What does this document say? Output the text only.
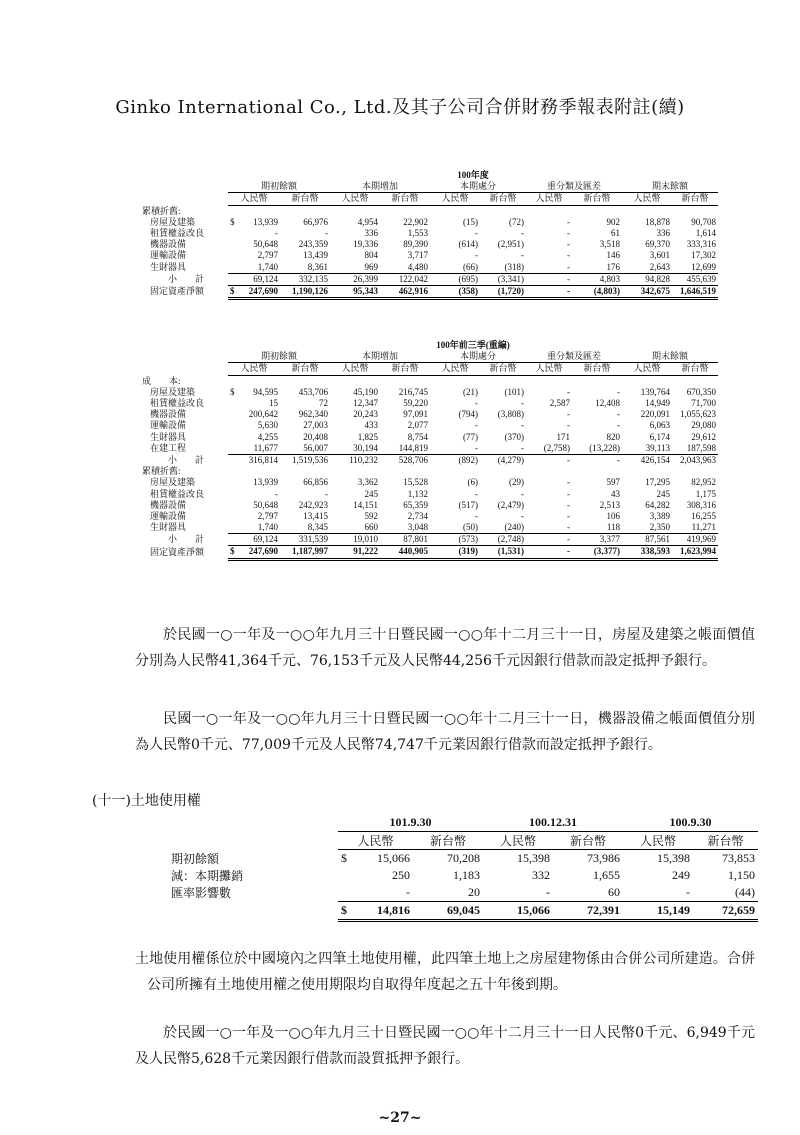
Ginko International Co., Ltd.及其子公司合併財務季報表附註(續)
	100年度									
	期初餘額		本期增加		本期處分		重分類及匯差		期末餘額	
	人民幣	新台幣	人民幣	新台幣	人民幣	新台幣	人民幣	新台幣	人民幣	新台幣
累積折舊:										
房屋及建築	$ 13,939	66,976	4,954	22,902	(15)	(72)	-	902	18,878	90,708
租賃權益改良	-	-	336	1,553	-	-	-	61	336	1,614
機器設備	50,648	243,359	19,336	89,390	(614)	(2,951)	-	3,518	69,370	333,316
運輸設備	2,797	13,439	804	3,717	-	-	-	146	3,601	17,302
生財器具	1,740	8,361	969	4,480	(66)	(318)	-	176	2,643	12,699
小　　計	69,124	332,135	26,399	122,042	(695)	(3,341)	-	4,803	94,828	455,639
固定資產淨額	$ 247,690	1,190,126	95,343	462,916	(358)	(1,720)	-	(4,803)	342,675	1,646,519
	100年前三季(重編)									
	期初餘額		本期增加		本期處分		重分類及匯差		期末餘額	
	人民幣	新台幣	人民幣	新台幣	人民幣	新台幣	人民幣	新台幣	人民幣	新台幣
成　　本:										
房屋及建築	$ 94,595	453,706	45,190	216,745	(21)	(101)	-	-	139,764	670,350
租賃權益改良	15	72	12,347	59,220	-	-	2,587	12,408	14,949	71,700
機器設備	200,642	962,340	20,243	97,091	(794)	(3,808)	-	-	220,091	1,055,623
運輸設備	5,630	27,003	433	2,077	-	-	-	-	6,063	29,080
生財器具	4,255	20,408	1,825	8,754	(77)	(370)	171	820	6,174	29,612
在建工程	11,677	56,007	30,194	144,819	-	-	(2,758)	(13,228)	39,113	187,598
小　　計	316,814	1,519,536	110,232	528,706	(892)	(4,279)	-	-	426,154	2,043,963
累積折舊:										
房屋及建築	13,939	66,856	3,362	15,528	(6)	(29)	-	597	17,295	82,952
租賃權益改良	-	-	245	1,132	-	-	-	43	245	1,175
機器設備	50,648	242,923	14,151	65,359	(517)	(2,479)	-	2,513	64,282	308,316
運輸設備	2,797	13,415	592	2,734	-	-	-	106	3,389	16,255
生財器具	1,740	8,345	660	3,048	(50)	(240)	-	118	2,350	11,271
小　　計	69,124	331,539	19,010	87,801	(573)	(2,748)	-	3,377	87,561	419,969
固定資產淨額	$ 247,690	1,187,997	91,222	440,905	(319)	(1,531)	-	(3,377)	338,593	1,623,994
於民國一○一年及一○○年九月三十日暨民國一○○年十二月三十一日，房屋及建築之帳面價值分別為人民幣41,364千元、76,153千元及人民幣44,256千元因銀行借款而設定抵押予銀行。
民國一○一年及一○○年九月三十日暨民國一○○年十二月三十一日，機器設備之帳面價值分別為人民幣0千元、77,009千元及人民幣74,747千元業因銀行借款而設定抵押予銀行。
(十一)土地使用權
	101.9.30		100.12.31		100.9.30	
	人民幣	新台幣	人民幣	新台幣	人民幣	新台幣
期初餘額	$ 15,066	70,208	15,398	73,986	15,398	73,853
減：本期攤銷	250	1,183	332	1,655	249	1,150
匯率影響數	-	20	-	60	-	(44)
	$ 14,816	69,045	15,066	72,391	15,149	72,659
土地使用權係位於中國境內之四筆土地使用權，此四筆土地上之房屋建物係由合併公司所建造。合併公司所擁有土地使用權之使用期限均自取得年度起之五十年後到期。
於民國一○一年及一○○年九月三十日暨民國一○○年十二月三十一日人民幣0千元、6,949千元及人民幣5,628千元業因銀行借款而設質抵押予銀行。
~27~
